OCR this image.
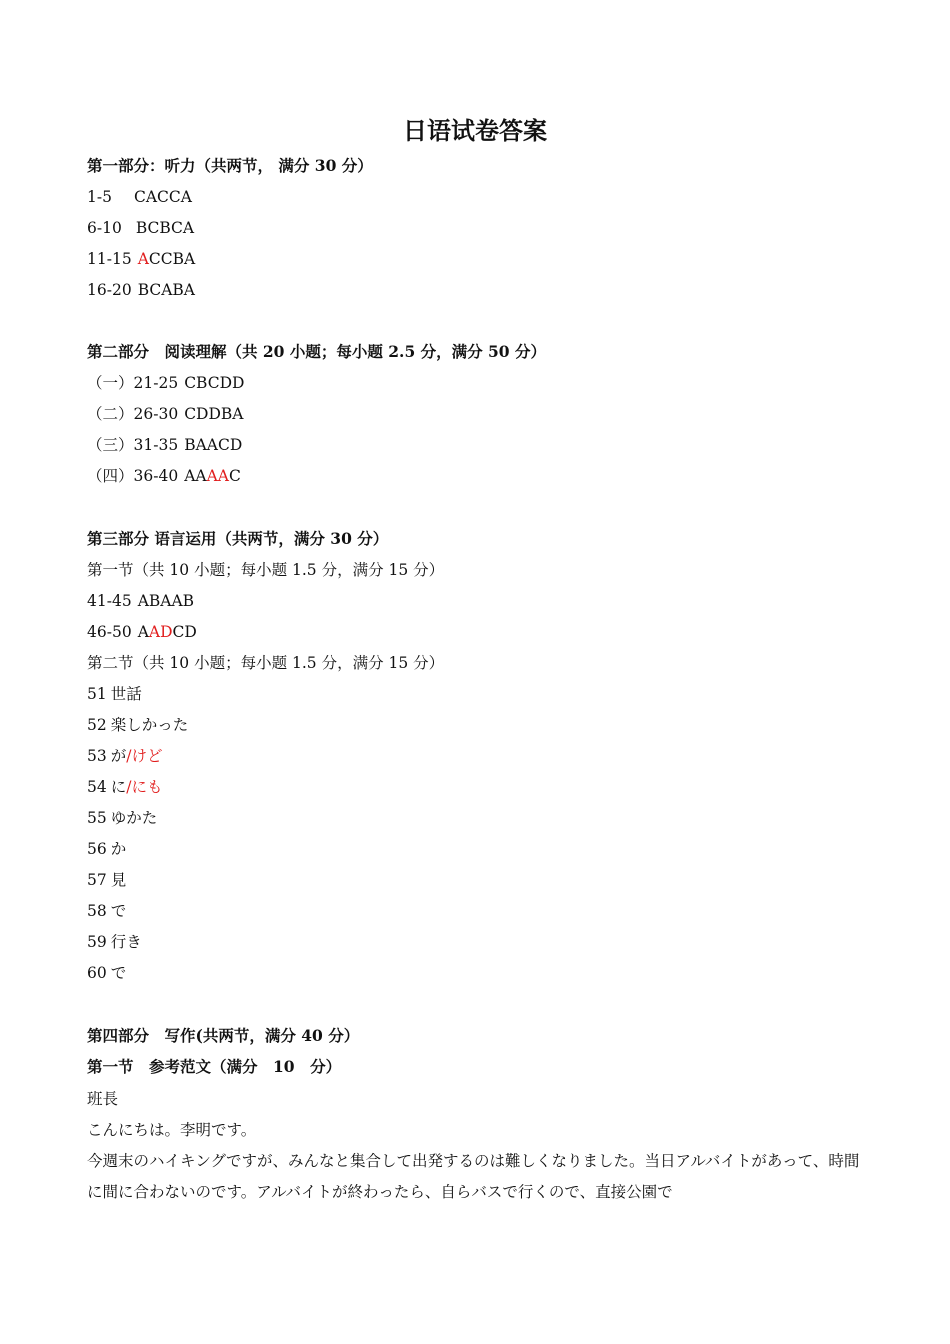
日语试卷答案
第一部分：听力（共两节， 满分 30 分）
1-5 CACCA
6-10 BCBCA
11-15 ACCBA
16-20 BCABA
第二部分　阅读理解（共 20 小题；每小题 2.5 分，满分 50 分）
（一）21-25 CBCDD
（二）26-30 CDDBA
（三）31-35 BAACD
（四）36-40 AAAAC
第三部分 语言运用（共两节，满分 30 分）
第一节（共 10 小题；每小题 1.5 分，满分 15 分）
41-45 ABAAB
46-50 AADCD
第二节（共 10 小题；每小题 1.5 分，满分 15 分）
51 世話
52 楽しかった
53 が/けど
54 に/にも
55 ゆかた
56 か
57 見
58 で
59 行き
60 で
第四部分　写作(共两节，满分 40 分）
第一节　参考范文（满分　10　分）
班長
こんにちは。李明です。
今週末のハイキングですが、みんなと集合して出発するのは難しくなりました。当日アルバイトがあって、時間に間に合わないのです。アルバイトが終わったら、自らバスで行くので、直接公園で
